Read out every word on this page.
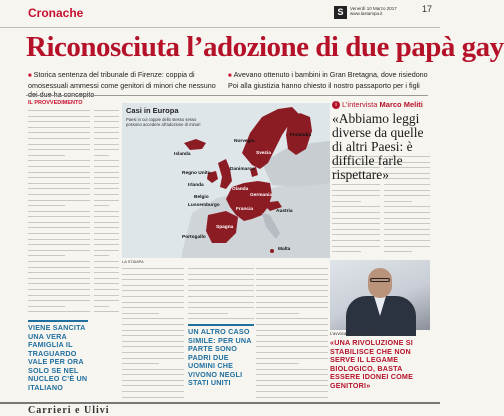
Cronache	S	Venerdì 10 Marzo 2017
www.lastampa.it	17
Riconosciuta l’adozione di due papà gay
■ Storica sentenza del tribunale di Firenze: coppia di omosessuali ammessi come genitori di minori che nessuno
■ Avevano ottenuto i bambini in Gran Bretagna, dove risiedono Poi alla giustizia hanno chiesto il nostro passaporto per i figli
IL PROVVEDIMENTO
Casi in Europa
Paesi in cui coppie dello stesso sesso possono accedere all’adozione di minori
Norvegia
Svezia
Finlandia
Islanda
Danimarca
Regno Unito
Irlanda
Olanda
Belgio
Lussemburgo
Germania
Austria
Malta
Francia
Spagna
Portogallo
LA STAMPA
VIENE SANCITA UNA VERA FAMIGLIA IL TRAGUARDO VALE PER ORA SOLO SE NEL NUCLEO C’È UN ITALIANO
UN ALTRO CASO SIMILE: PER UNA PARTE SONO PADRI DUE UOMINI CHE VIVONO NEGLI STATI UNITI
i L’intervista Marco Meliti
«Abbiamo leggi diverse da quelle di altri Paesi: è difficile farle rispettare»
L’avvocato Marco Meliti
«UNA RIVOLUZIONE SI STABILISCE CHE NON SERVE IL LEGAME BIOLOGICO, BASTA ESSERE IDONEI COME GENITORI»
Carrieri e Ulivi
